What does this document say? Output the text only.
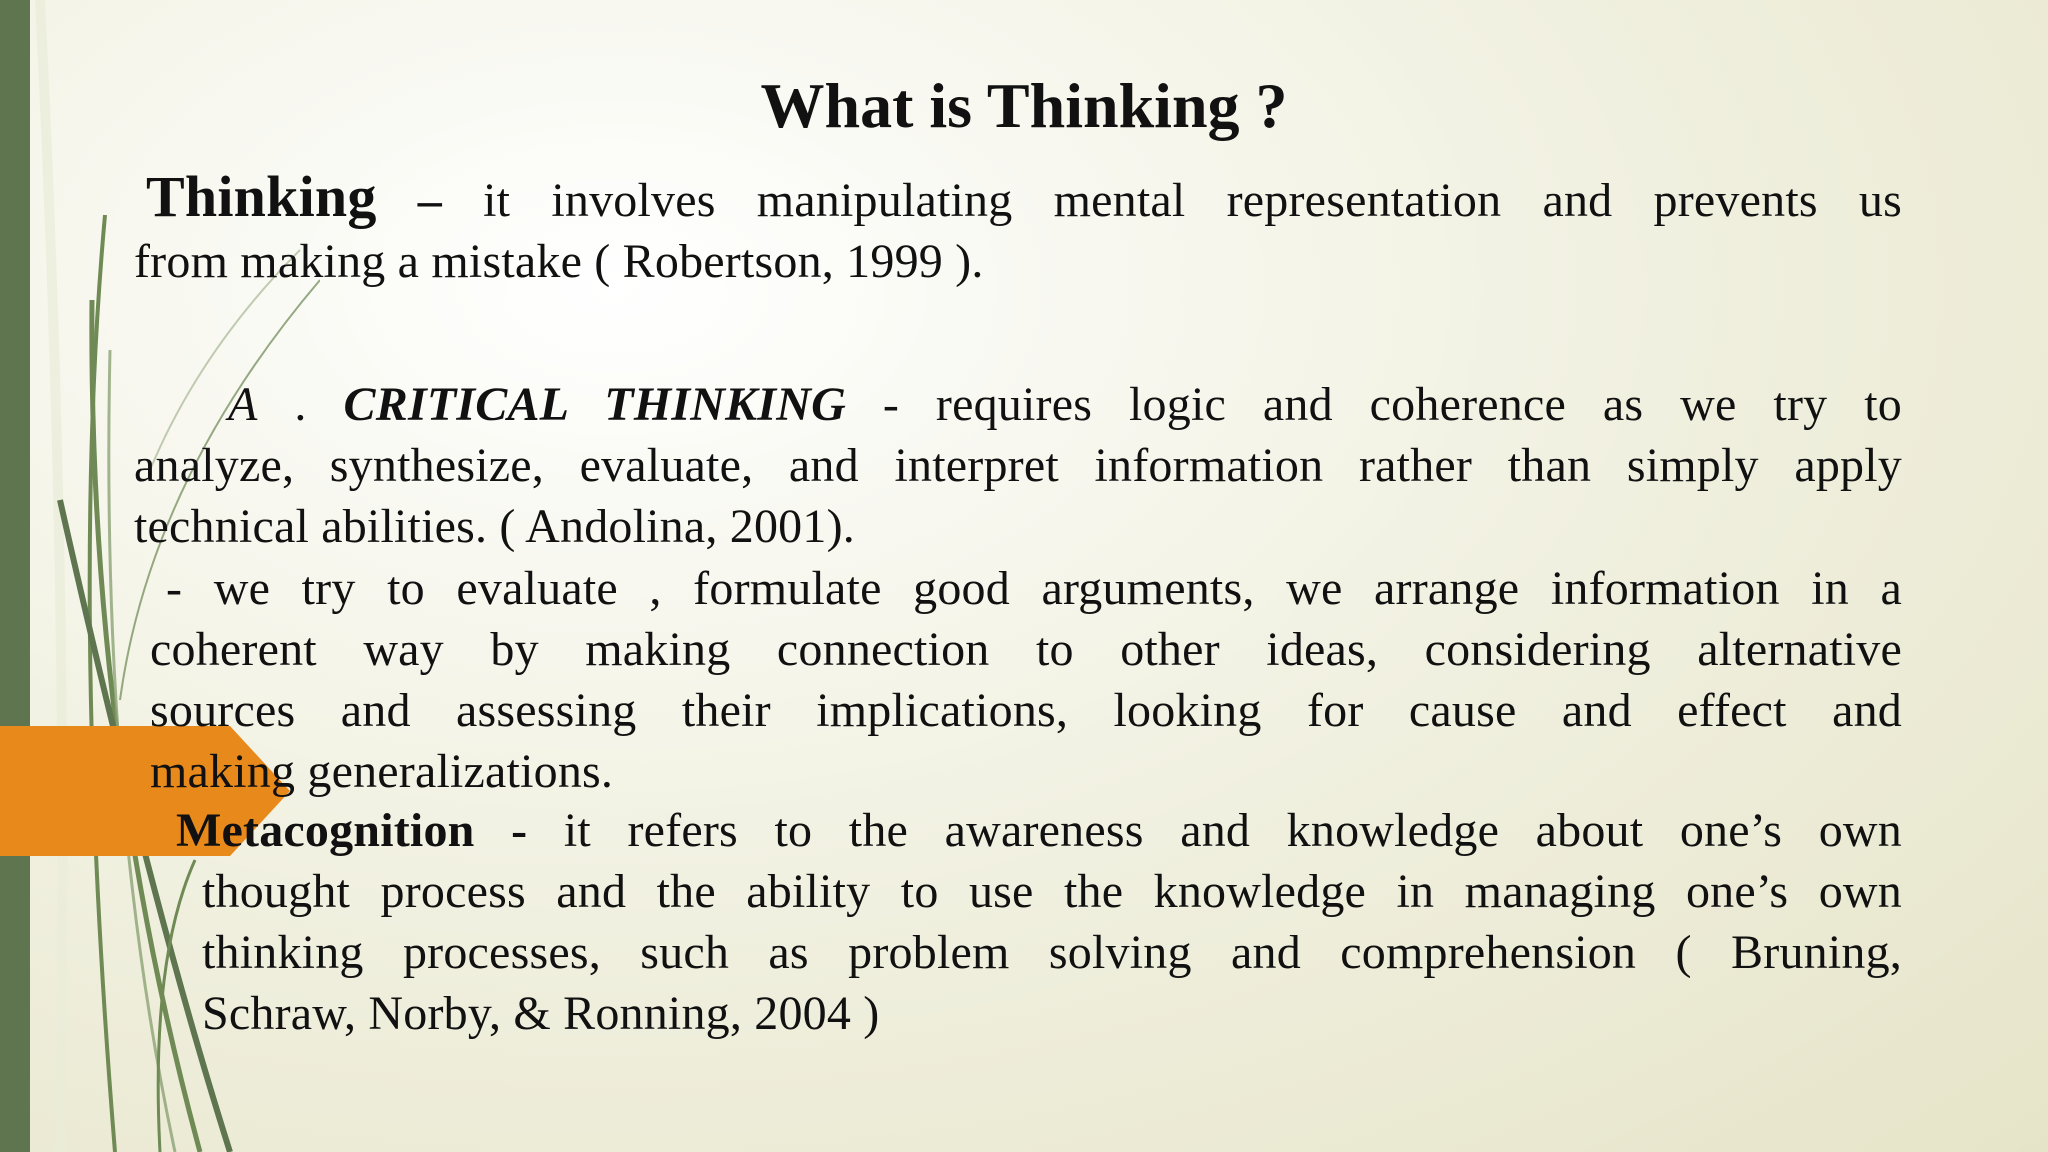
What is Thinking ?
Thinking – it involves manipulating mental representation and prevents us
from making a mistake ( Robertson, 1999 ).
A . CRITICAL THINKING - requires logic and coherence as we try to
analyze, synthesize, evaluate, and interpret information rather than simply apply
technical abilities. ( Andolina, 2001).
- we try to evaluate , formulate good arguments, we arrange information in a
coherent way by making connection to other ideas, considering alternative
sources and assessing their implications, looking for cause and effect and
making generalizations.
Metacognition - it refers to the awareness and knowledge about one’s own
thought process and the ability to use the knowledge in managing one’s own
thinking processes, such as problem solving and comprehension ( Bruning,
Schraw, Norby, & Ronning, 2004 )
